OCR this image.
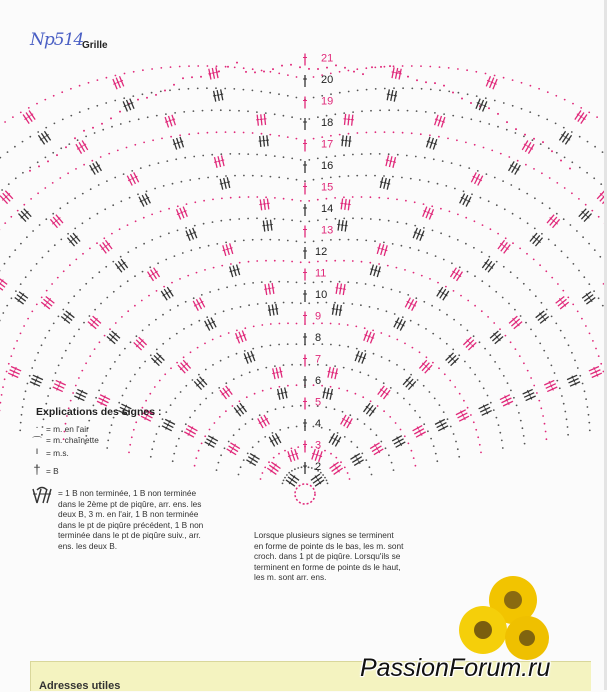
Np514
Grille
2
3
4
5
6
7
8
9
10
11
12
13
14
15
16
17
18
19
20
21
Explications des signes :
· = m. en l'air
⌒ = m. chaînette
ı = m.s.
† = B
= 1 B non terminée, 1 B non terminée dans le 2ème pt de piqûre, arr. ens. les deux B, 3 m. en l'air, 1 B non terminée dans le pt de piqûre précédent, 1 B non terminée dans le pt de piqûre suiv., arr. ens. les deux B.
Lorsque plusieurs signes se terminent en forme de pointe ds le bas, les m. sont croch. dans 1 pt de piqûre. Lorsqu'ils se terminent en forme de pointe ds le haut, les m. sont arr. ens.
Adresses utiles
PassionForum.ru
